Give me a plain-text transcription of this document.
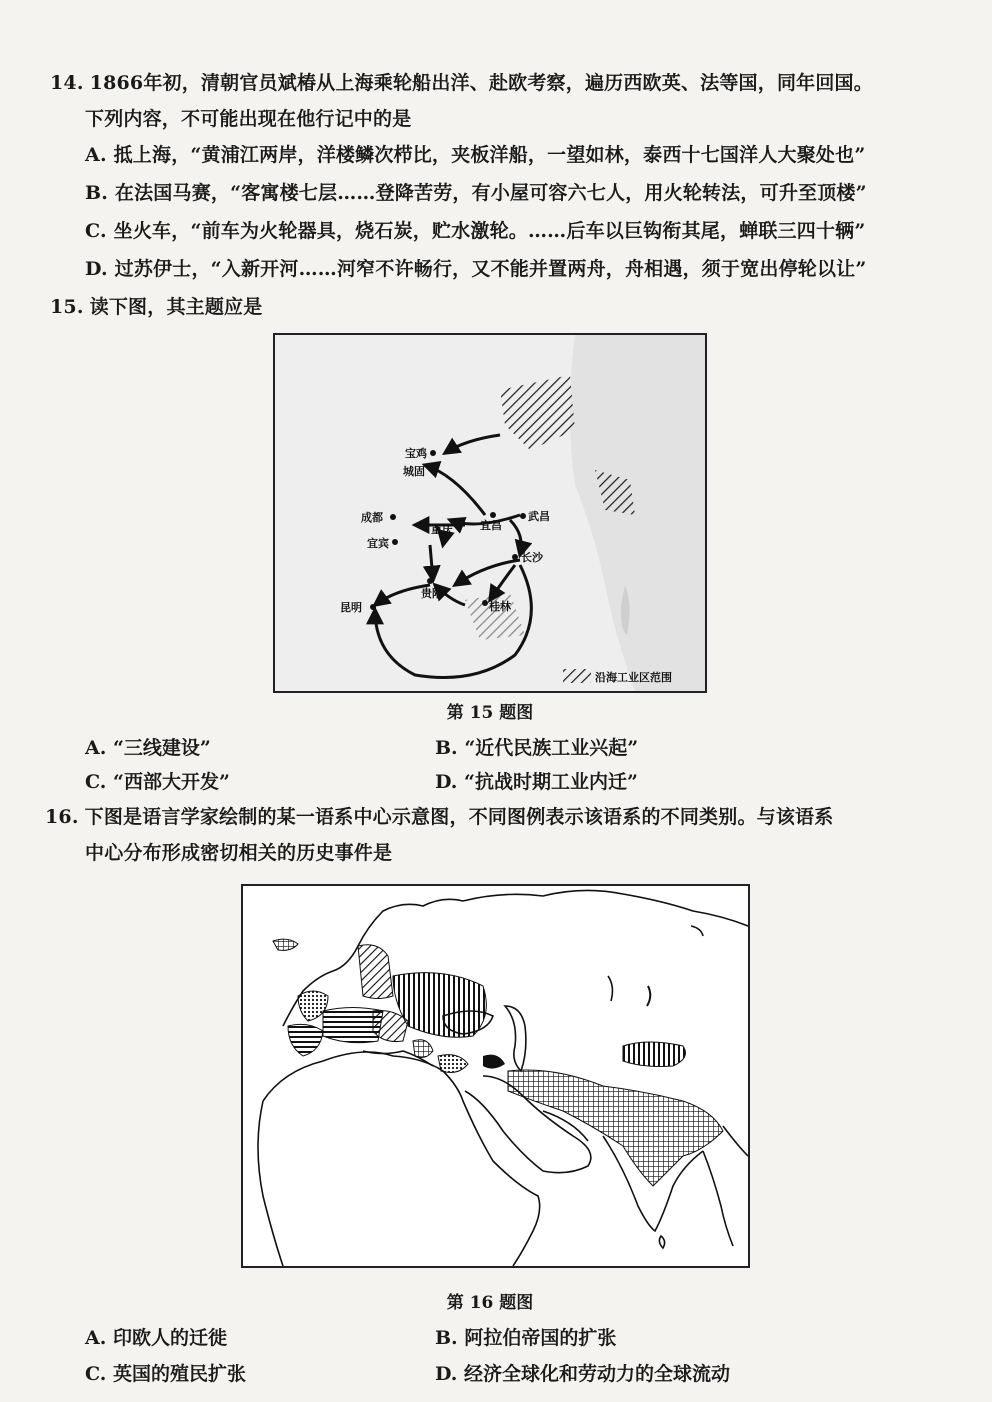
14. 1866年初，清朝官员斌椿从上海乘轮船出洋、赴欧考察，遍历西欧英、法等国，同年回国。
下列内容，不可能出现在他行记中的是
A. 抵上海，“黄浦江两岸，洋楼鳞次栉比，夹板洋船，一望如林，泰西十七国洋人大聚处也”
B. 在法国马赛，“客寓楼七层……登降苦劳，有小屋可容六七人，用火轮转法，可升至顶楼”
C. 坐火车，“前车为火轮器具，烧石炭，贮水激轮。……后车以巨钩衔其尾，蝉联三四十辆”
D. 过苏伊士，“入新开河……河窄不许畅行，又不能并置两舟，舟相遇，须于宽出停轮以让”
15. 读下图，其主题应是
宝鸡
城固
成都
重庆 宜昌
武昌
宜宾
长沙
贵阳
桂林
昆明
沿海工业区范围
第 15 题图
A. “三线建设”	B. “近代民族工业兴起”
C. “西部大开发”	D. “抗战时期工业内迁”
16. 下图是语言学家绘制的某一语系中心示意图，不同图例表示该语系的不同类别。与该语系
中心分布形成密切相关的历史事件是
第 16 题图
A. 印欧人的迁徙	B. 阿拉伯帝国的扩张
C. 英国的殖民扩张	D. 经济全球化和劳动力的全球流动
